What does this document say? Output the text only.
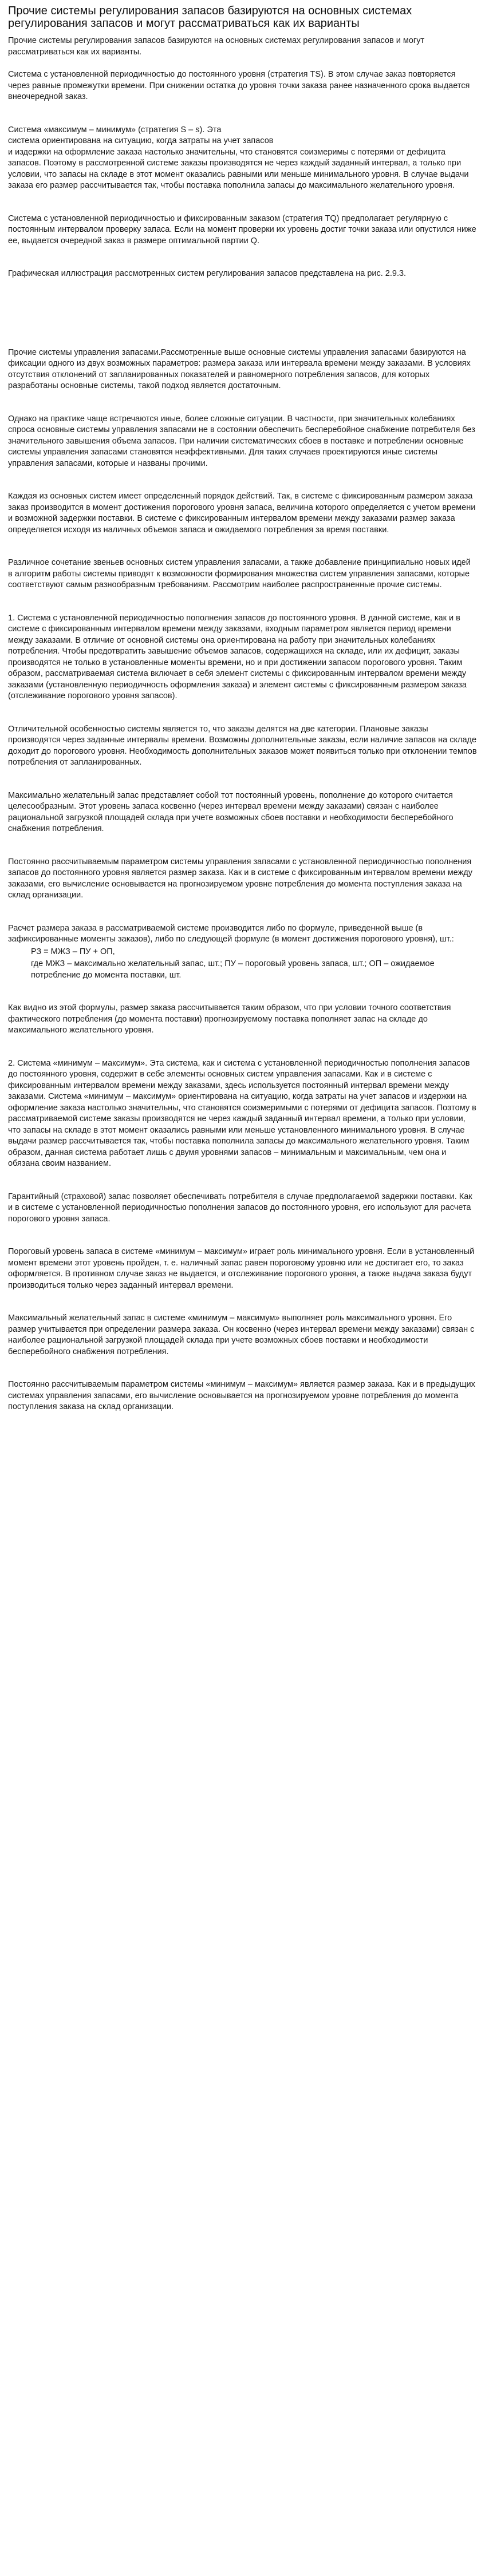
Прочие системы регулирования запасов базируются на основных системах регулирования запасов и могут рассматриваться как их варианты

Прочие системы регулирования запасов базируются на основных системах регулирования запасов и могут рассматриваться как их варианты.

Система с установленной периодичностью до постоянного уровня (стратегия TS). В этом случае заказ повторяется через равные промежутки времени. При снижении остатка до уровня точки заказа ранее назначенного срока выдается внеочередной заказ.

Система «максимум – минимум» (стратегия S – s). Эта
система ориентирована на ситуацию, когда затраты на учет запасов
и издержки на оформление заказа настолько значительны, что становятся соизмеримы с потерями от дефицита запасов. Поэтому в рассмотренной системе заказы производятся не через каждый заданный интервал, а только при условии, что запасы на складе в этот момент оказались равными или меньше минимального уровня. В случае выдачи заказа его размер рассчитывается так, чтобы поставка пополнила запасы до максимального желательного уровня.

Система с установленной периодичностью и фиксированным заказом (стратегия TQ) предполагает регулярную с постоянным интервалом проверку запаса. Если на момент проверки их уровень достиг точки заказа или опустился ниже ее, выдается очередной заказ в размере оптимальной партии Q.

Графическая иллюстрация рассмотренных систем регулирования запасов представлена на рис. 2.9.3.

Прочие системы управления запасами.Рассмотренные выше основные системы управления запасами базируются на фиксации одного из двух возможных параметров: размера заказа или интервала времени между заказами. В условиях отсутствия отклонений от запланированных показателей и равномерного потребления запасов, для которых разработаны основные системы, такой подход является достаточным.

Однако на практике чаще встречаются иные, более сложные ситуации. В частности, при значительных колебаниях спроса основные системы управления запасами не в состоянии обеспечить бесперебойное снабжение потребителя без значительного завышения объема запасов. При наличии систематических сбоев в поставке и потреблении основные системы управления запасами становятся неэффективными. Для таких случаев проектируются иные системы управления запасами, которые и названы прочими.

Каждая из основных систем имеет определенный порядок действий. Так, в системе с фиксированным размером заказа заказ производится в момент достижения порогового уровня запаса, величина которого определяется с учетом времени и возможной задержки поставки. В системе с фиксированным интервалом времени между заказами размер заказа определяется исходя из наличных объемов запаса и ожидаемого потребления за время поставки.

Различное сочетание звеньев основных систем управления запасами, а также добавление принципиально новых идей в алгоритм работы системы приводят к возможности формирования множества систем управления запасами, которые соответствуют самым разнообразным требованиям. Рассмотрим наиболее распространенные прочие системы.

1. Система с установленной периодичностью пополнения запасов до постоянного уровня. В данной системе, как и в системе с фиксированным интервалом времени между заказами, входным параметром является период времени между заказами. В отличие от основной системы она ориентирована на работу при значительных колебаниях потребления. Чтобы предотвратить завышение объемов запасов, содержащихся на складе, или их дефицит, заказы производятся не только в установленные моменты времени, но и при достижении запасом порогового уровня. Таким образом, рассматриваемая система включает в себя элемент системы с фиксированным интервалом времени между заказами (установленную периодичность оформления заказа) и элемент системы с фиксированным размером заказа (отслеживание порогового уровня запасов).

Отличительной особенностью системы является то, что заказы делятся на две категории. Плановые заказы производятся через заданные интервалы времени. Возможны дополнительные заказы, если наличие запасов на складе доходит до порогового уровня. Необходимость дополнительных заказов может появиться только при отклонении темпов потребления от запланированных.

Максимально желательный запас представляет собой тот постоянный уровень, пополнение до которого считается целесообразным. Этот уровень запаса косвенно (через интервал времени между заказами) связан с наиболее рациональной загрузкой площадей склада при учете возможных сбоев поставки и необходимости бесперебойного снабжения потребления.

Постоянно рассчитываемым параметром системы управления запасами с установленной периодичностью пополнения запасов до постоянного уровня является размер заказа. Как и в системе с фиксированным интервалом времени между заказами, его вычисление основывается на прогнозируемом уровне потребления до момента поступления заказа на склад организации.

Расчет размера заказа в рассматриваемой системе производится либо по формуле, приведенной выше (в зафиксированные моменты заказов), либо по следующей формуле (в момент достижения порогового уровня), шт.:

РЗ = МЖЗ – ПУ + ОП,

где МЖЗ – максимально желательный запас, шт.; ПУ – пороговый уровень запаса, шт.; ОП – ожидаемое потребление до момента поставки, шт.

Как видно из этой формулы, размер заказа рассчитывается таким образом, что при условии точного соответствия фактического потребления (до момента поставки) прогнозируемому поставка пополняет запас на складе до максимального желательного уровня.

2. Система «минимум – максимум». Эта система, как и система с установленной периодичностью пополнения запасов до постоянного уровня, содержит в себе элементы основных систем управления запасами. Как и в системе с фиксированным интервалом времени между заказами, здесь используется постоянный интервал времени между заказами. Система «минимум – максимум» ориентирована на ситуацию, когда затраты на учет запасов и издержки на оформление заказа настолько значительны, что становятся соизмеримыми с потерями от дефицита запасов. Поэтому в рассматриваемой системе заказы производятся не через каждый заданный интервал времени, а только при условии, что запасы на складе в этот момент оказались равными или меньше установленного минимального уровня. В случае выдачи размер рассчитывается так, чтобы поставка пополнила запасы до максимального желательного уровня. Таким образом, данная система работает лишь с двумя уровнями запасов – минимальным и максимальным, чем она и обязана своим названием.

Гарантийный (страховой) запас позволяет обеспечивать потребителя в случае предполагаемой задержки поставки. Как и в системе с установленной периодичностью пополнения запасов до постоянного уровня, его используют для расчета порогового уровня запаса.

Пороговый уровень запаса в системе «минимум – максимум» играет роль минимального уровня. Если в установленный момент времени этот уровень пройден, т. е. наличный запас равен пороговому уровню или не достигает его, то заказ оформляется. В противном случае заказ не выдается, и отслеживание порогового уровня, а также выдача заказа будут производиться только через заданный интервал времени.

Максимальный желательный запас в системе «минимум – максимум» выполняет роль максимального уровня. Его размер учитывается при определении размера заказа. Он косвенно (через интервал времени между заказами) связан с наиболее рациональной загрузкой площадей склада при учете возможных сбоев поставки и необходимости бесперебойного снабжения потребления.

Постоянно рассчитываемым параметром системы «минимум – максимум» является размер заказа. Как и в предыдущих системах управления запасами, его вычисление основывается на прогнозируемом уровне потребления до момента поступления заказа на склад организации.
